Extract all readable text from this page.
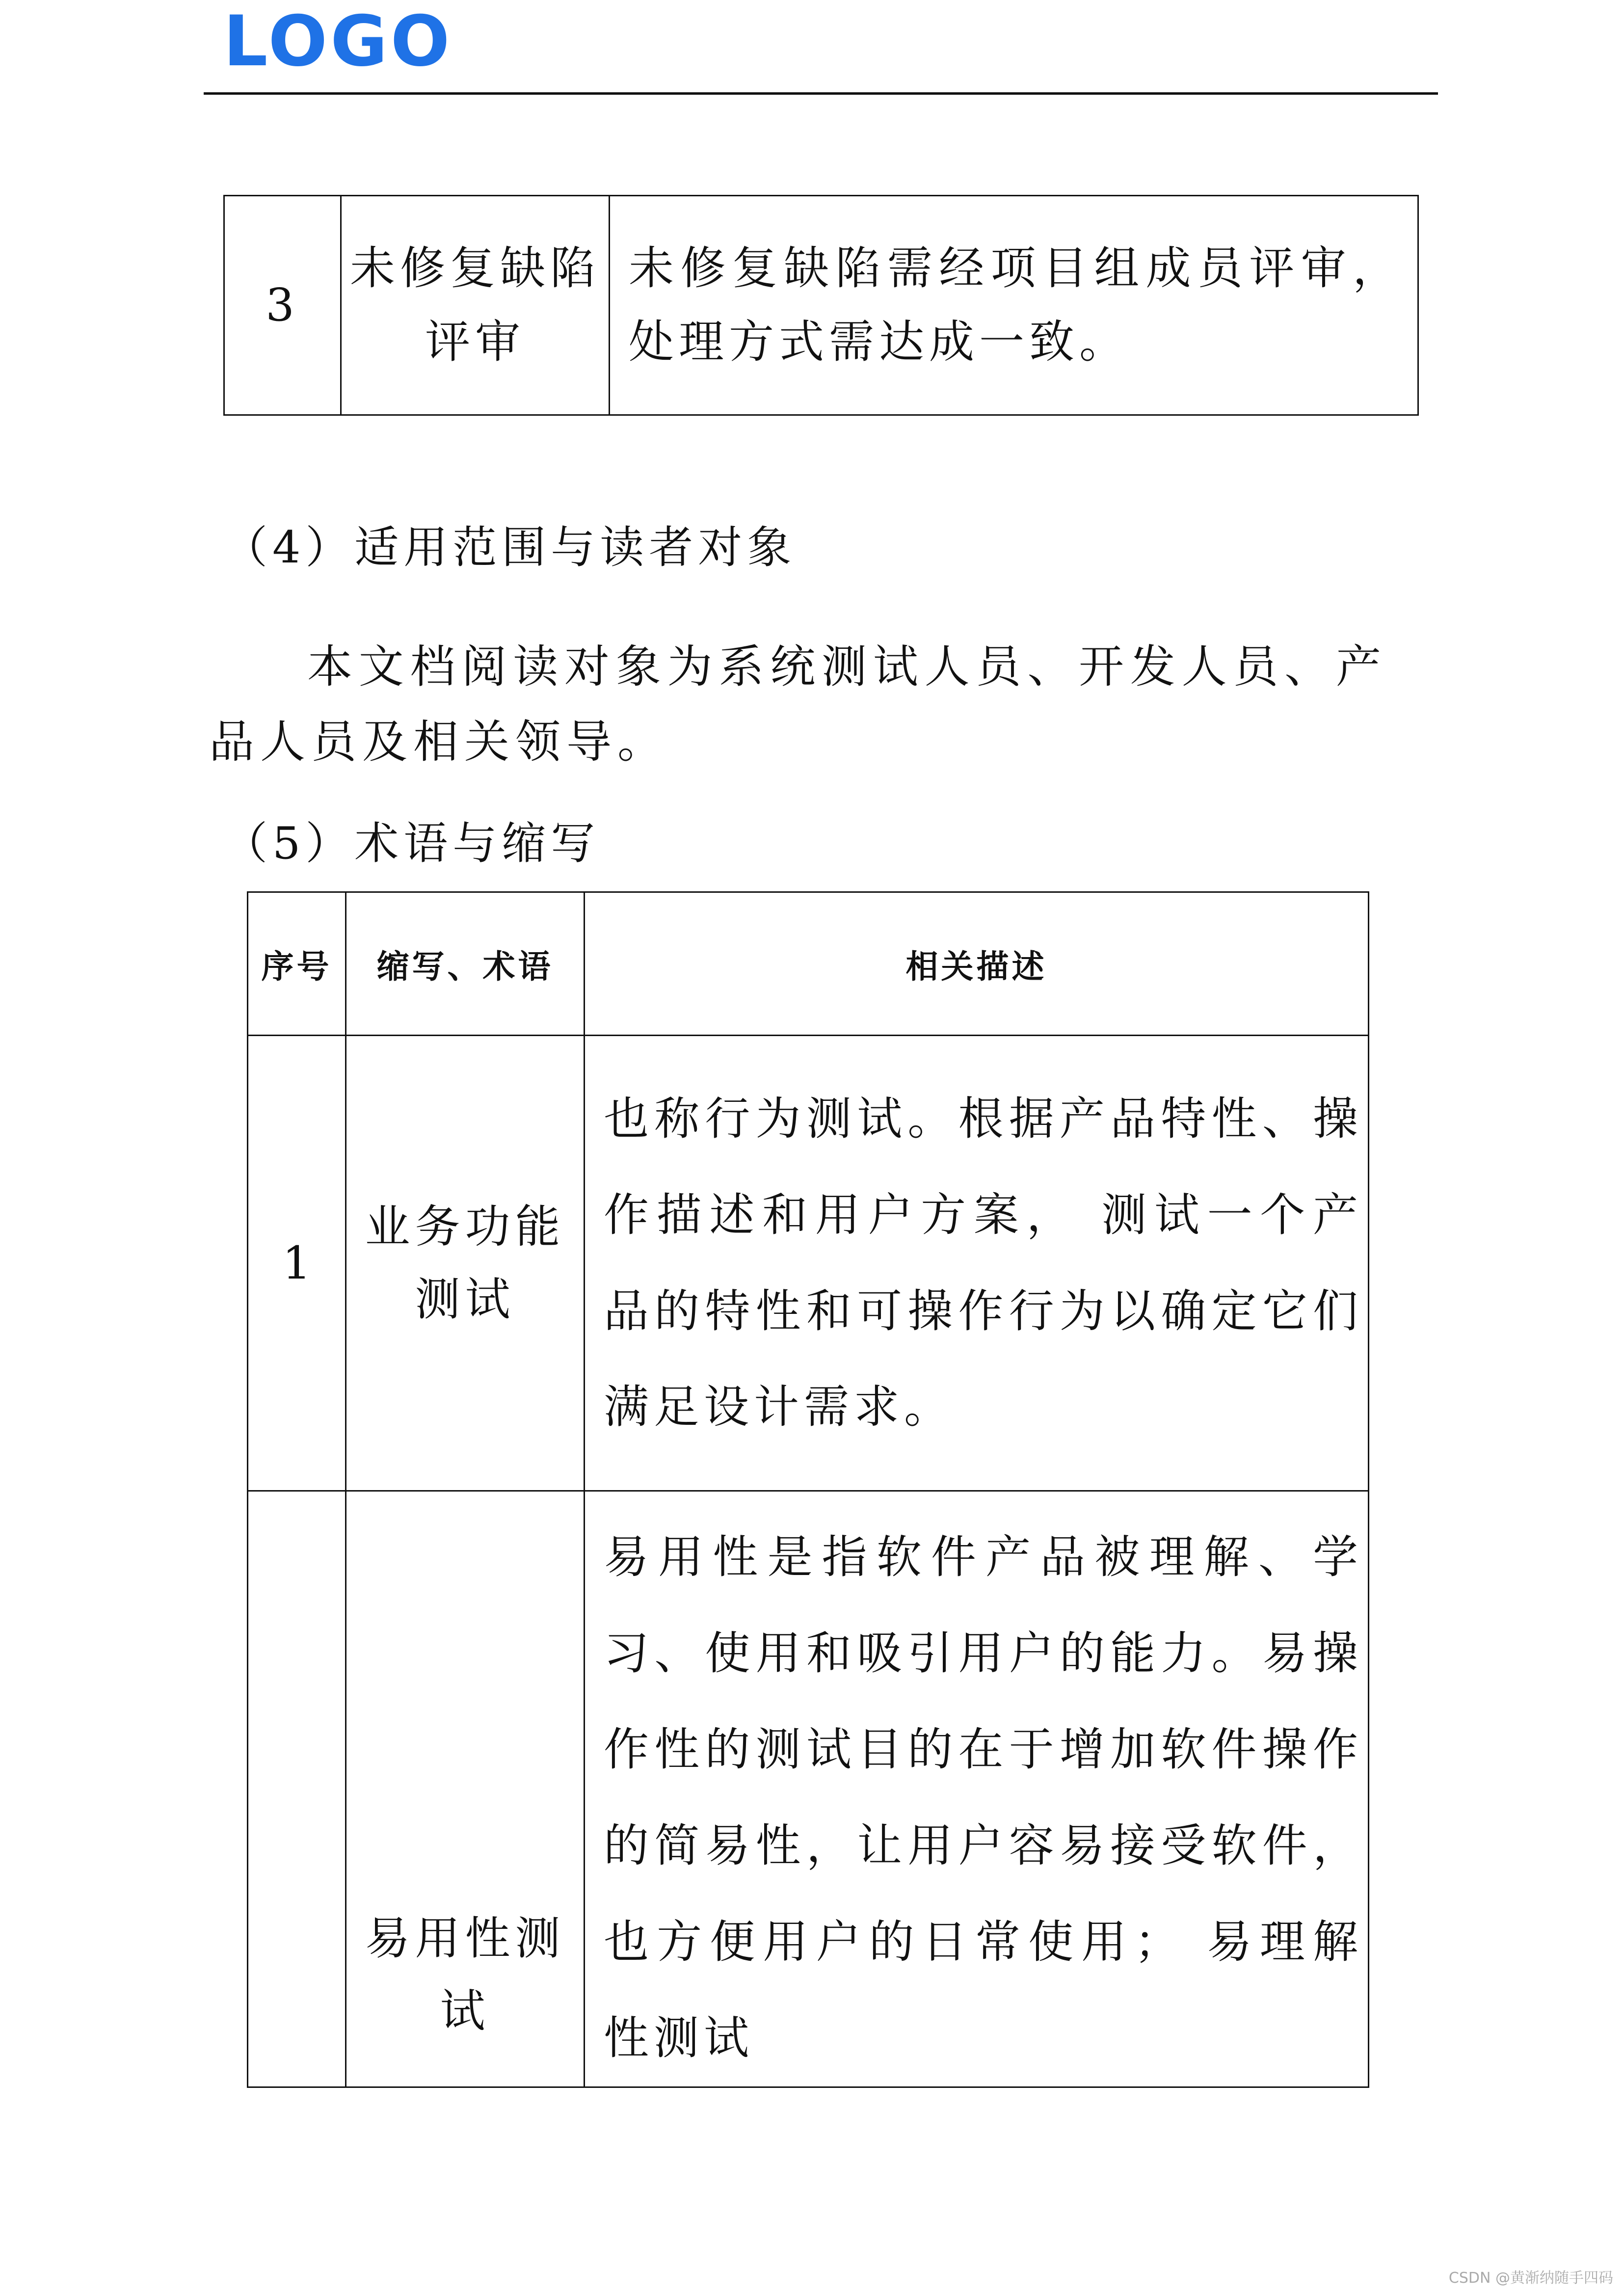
LOGO
3	未修复缺陷评审	未修复缺陷需经项目组成员评审，处理方式需达成一致。
（4）适用范围与读者对象
本文档阅读对象为系统测试人员、开发人员、产品人员及相关领导。
（5）术语与缩写
序号	缩写、术语	相关描述
1	业务功能测试	也称行为测试。根据产品特性、操作描述和用户方案， 测试一个产品的特性和可操作行为以确定它们满足设计需求。
	易用性测试	易用性是指软件产品被理解、学习、使用和吸引用户的能力。易操作性的测试目的在于增加软件操作的简易性，让用户容易接受软件，也方便用户的日常使用； 易理解性测试
CSDN @黄渐纳随手四码
